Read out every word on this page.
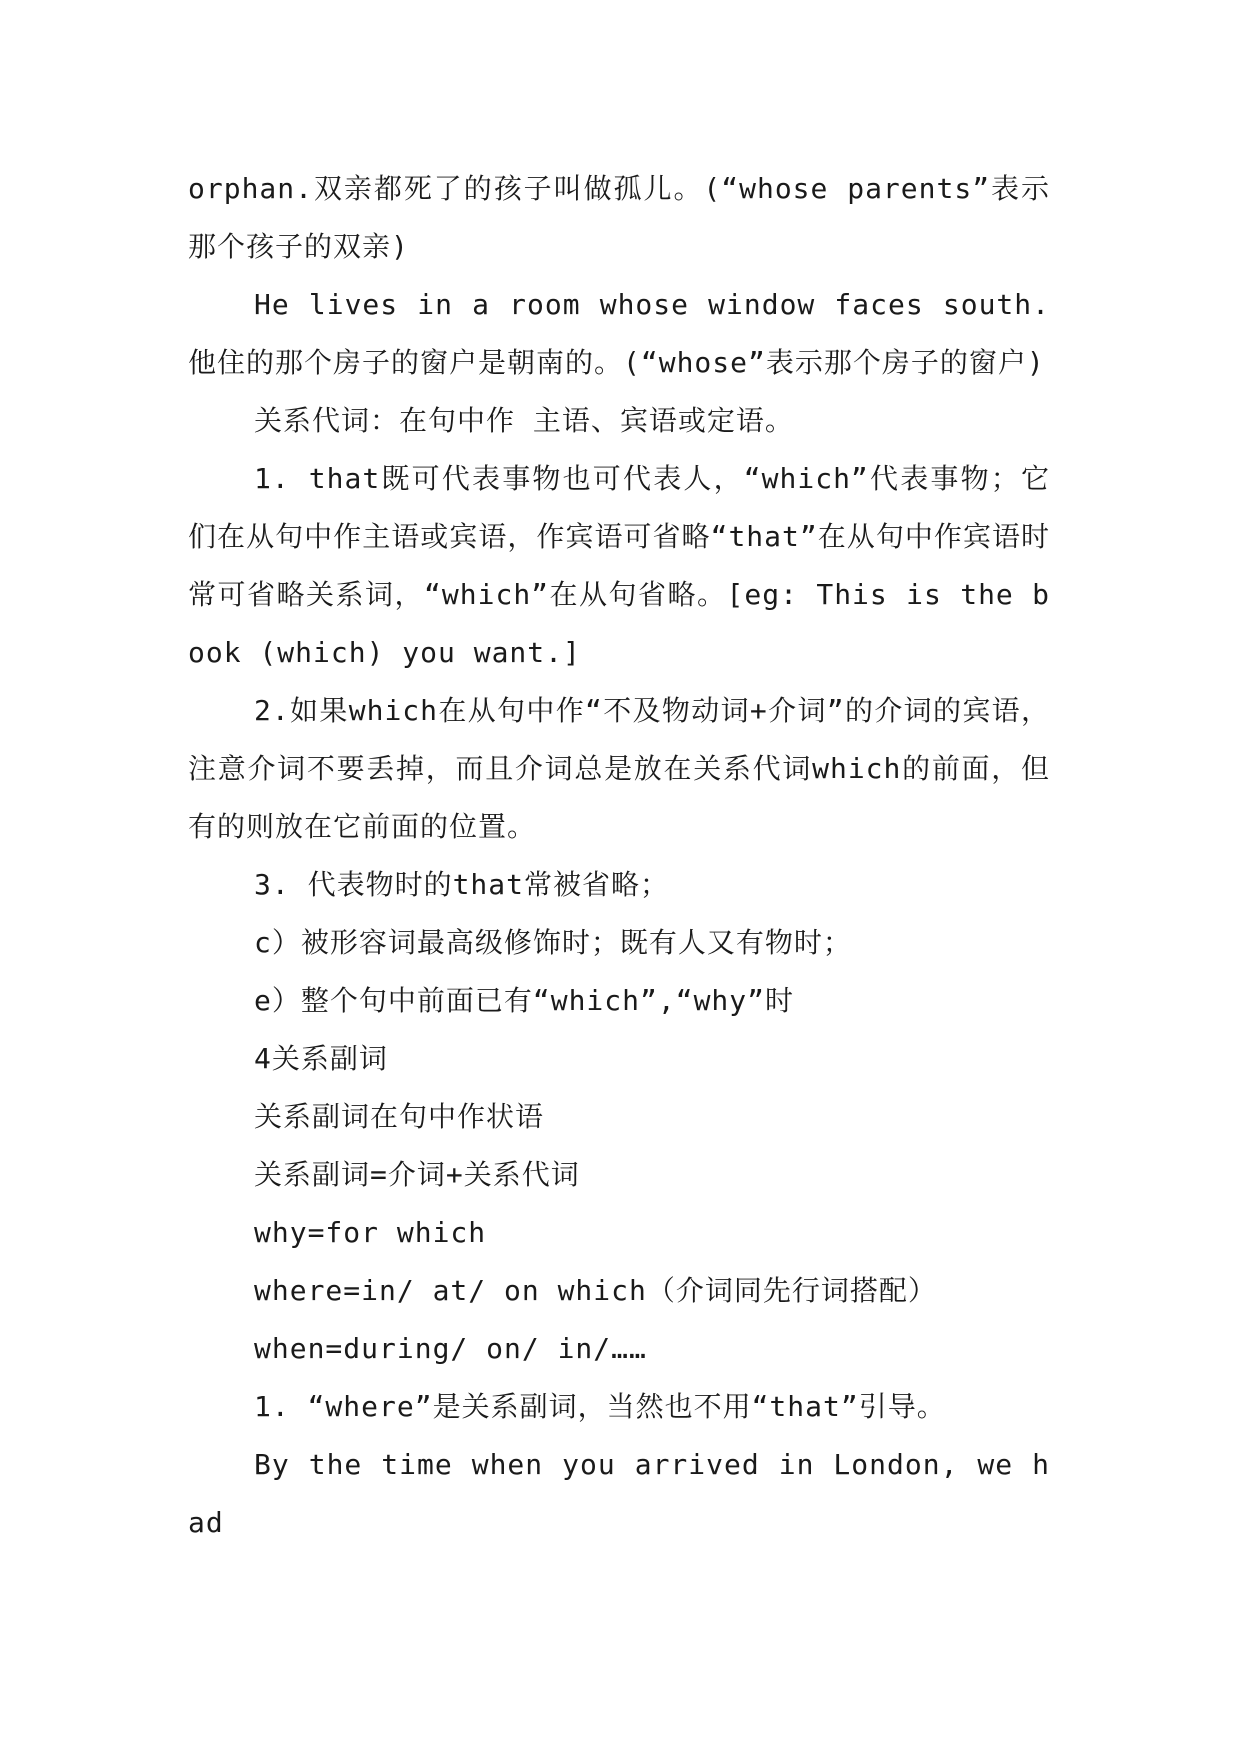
orphan.双亲都死了的孩子叫做孤儿。(“whose parents”表示那个孩子的双亲)

He lives in a room whose window faces south.他住的那个房子的窗户是朝南的。(“whose”表示那个房子的窗户)

关系代词：在句中作 主语、宾语或定语。

1. that既可代表事物也可代表人，“which”代表事物；它们在从句中作主语或宾语，作宾语可省略“that”在从句中作宾语时常可省略关系词，“which”在从句省略。[eg: This is the book (which) you want.]

2.如果which在从句中作“不及物动词+介词”的介词的宾语，注意介词不要丢掉，而且介词总是放在关系代词which的前面，但有的则放在它前面的位置。

3. 代表物时的that常被省略；

c）被形容词最高级修饰时；既有人又有物时；

e）整个句中前面已有“which”,“why”时

4关系副词

关系副词在句中作状语

关系副词=介词+关系代词

why=for which

where=in/ at/ on which（介词同先行词搭配）

when=during/ on/ in/……

1. “where”是关系副词，当然也不用“that”引导。

By the time when you arrived in London, we had
